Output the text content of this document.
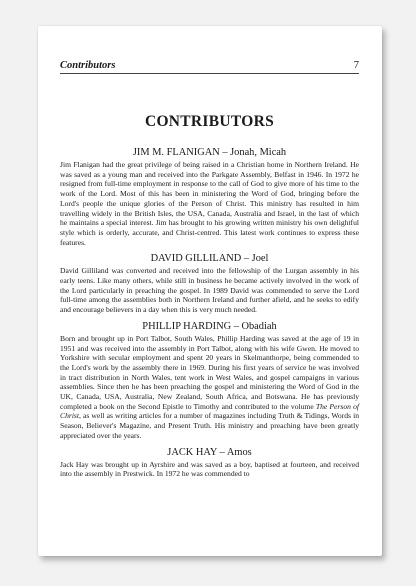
Contributors	7
CONTRIBUTORS
JIM M. FLANIGAN – Jonah, Micah

Jim Flanigan had the great privilege of being raised in a Christian home in Northern Ireland. He was saved as a young man and received into the Parkgate Assembly, Belfast in 1946. In 1972 he resigned from full-time employment in response to the call of God to give more of his time to the work of the Lord. Most of this has been in ministering the Word of God, bringing before the Lord's people the unique glories of the Person of Christ. This ministry has resulted in him travelling widely in the British Isles, the USA, Canada, Australia and Israel, in the last of which he maintains a special interest. Jim has brought to his growing written ministry his own delightful style which is orderly, accurate, and Christ-centred. This latest work continues to express these features.

DAVID GILLILAND – Joel

David Gilliland was converted and received into the fellowship of the Lurgan assembly in his early teens. Like many others, while still in business he became actively involved in the work of the Lord particularly in preaching the gospel. In 1989 David was commended to serve the Lord full-time among the assemblies both in Northern Ireland and further afield, and he seeks to edify and encourage believers in a day when this is very much needed.

PHILLIP HARDING – Obadiah

Born and brought up in Port Talbot, South Wales, Phillip Harding was saved at the age of 19 in 1951 and was received into the assembly in Port Talbot, along with his wife Gwen. He moved to Yorkshire with secular employment and spent 20 years in Skelmanthorpe, being commended to the Lord's work by the assembly there in 1969. During his first years of service he was involved in tract distribution in North Wales, tent work in West Wales, and gospel campaigns in various assemblies. Since then he has been preaching the gospel and ministering the Word of God in the UK, Canada, USA, Australia, New Zealand, South Africa, and Botswana. He has previously completed a book on the Second Epistle to Timothy and contributed to the volume The Person of Christ, as well as writing articles for a number of magazines including Truth & Tidings, Words in Season, Believer's Magazine, and Present Truth. His ministry and preaching have been greatly appreciated over the years.

JACK HAY – Amos

Jack Hay was brought up in Ayrshire and was saved as a boy, baptised at fourteen, and received into the assembly in Prestwick. In 1972 he was commended to
